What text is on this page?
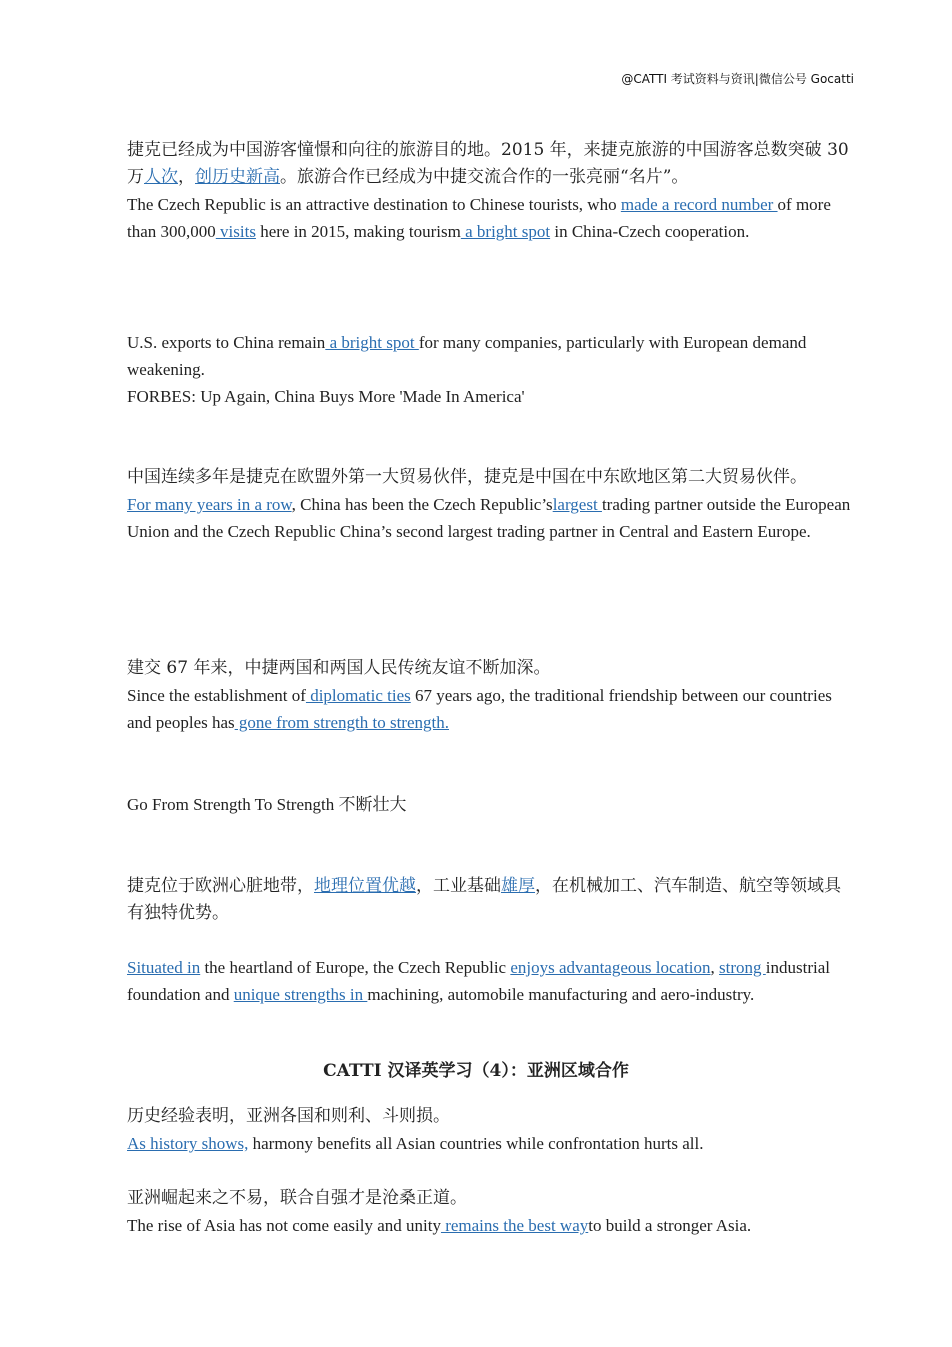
@CATTI 考试资料与资讯|微信公号 Gocatti

捷克已经成为中国游客憧憬和向往的旅游目的地。2015 年，来捷克旅游的中国游客总数突破 30 万人次，创历史新高。旅游合作已经成为中捷交流合作的一张亮丽“名片”。

The Czech Republic is an attractive destination to Chinese tourists, who made a record number of more than 300,000 visits here in 2015, making tourism a bright spot in China-Czech cooperation.

U.S. exports to China remain a bright spot for many companies, particularly with European demand weakening.

FORBES: Up Again, China Buys More 'Made In America'

中国连续多年是捷克在欧盟外第一大贸易伙伴，捷克是中国在中东欧地区第二大贸易伙伴。

For many years in a row, China has been the Czech Republic’slargest trading partner outside the European Union and the Czech Republic China’s second largest trading partner in Central and Eastern Europe.

建交 67 年来，中捷两国和两国人民传统友谊不断加深。

Since the establishment of diplomatic ties 67 years ago, the traditional friendship between our countries and peoples has gone from strength to strength.

Go From Strength To Strength 不断壮大

捷克位于欧洲心脏地带，地理位置优越，工业基础雄厚，在机械加工、汽车制造、航空等领域具有独特优势。

Situated in the heartland of Europe, the Czech Republic enjoys advantageous location, strong industrial foundation and unique strengths in machining, automobile manufacturing and aero-industry.

CATTI 汉译英学习（4）：亚洲区域合作

历史经验表明，亚洲各国和则利、斗则损。

As history shows, harmony benefits all Asian countries while confrontation hurts all.

亚洲崛起来之不易，联合自强才是沧桑正道。

The rise of Asia has not come easily and unity remains the best wayto build a stronger Asia.
